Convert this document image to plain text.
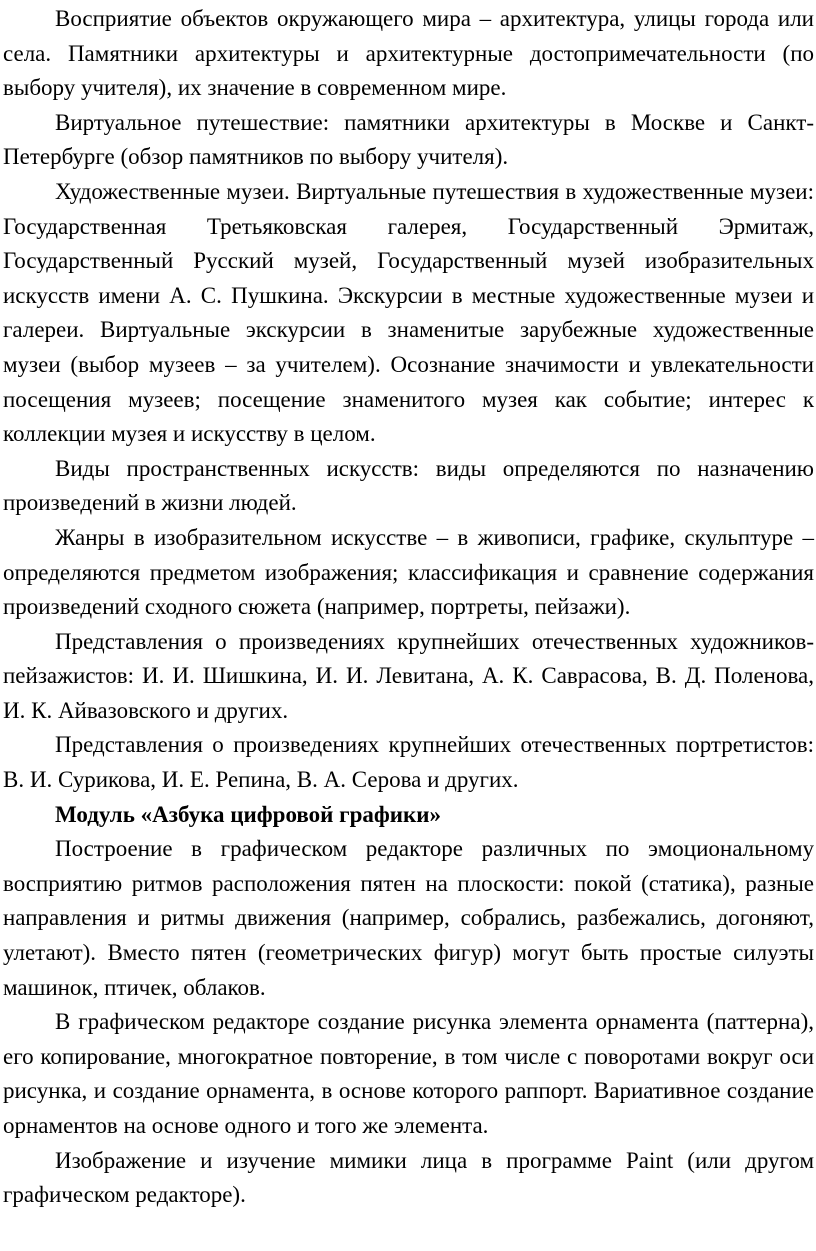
Восприятие объектов окружающего мира – архитектура, улицы города или села. Памятники архитектуры и архитектурные достопримечательности (по выбору учителя), их значение в современном мире.

Виртуальное путешествие: памятники архитектуры в Москве и Санкт-Петербурге (обзор памятников по выбору учителя).

Художественные музеи. Виртуальные путешествия в художественные музеи: Государственная Третьяковская галерея, Государственный Эрмитаж, Государственный Русский музей, Государственный музей изобразительных искусств имени А. С. Пушкина. Экскурсии в местные художественные музеи и галереи. Виртуальные экскурсии в знаменитые зарубежные художественные музеи (выбор музеев – за учителем). Осознание значимости и увлекательности посещения музеев; посещение знаменитого музея как событие; интерес к коллекции музея и искусству в целом.

Виды пространственных искусств: виды определяются по назначению произведений в жизни людей.

Жанры в изобразительном искусстве – в живописи, графике, скульптуре – определяются предметом изображения; классификация и сравнение содержания произведений сходного сюжета (например, портреты, пейзажи).

Представления о произведениях крупнейших отечественных художников-пейзажистов: И. И. Шишкина, И. И. Левитана, А. К. Саврасова, В. Д. Поленова, И. К. Айвазовского и других.

Представления о произведениях крупнейших отечественных портретистов: В. И. Сурикова, И. Е. Репина, В. А. Серова и других.

Модуль «Азбука цифровой графики»

Построение в графическом редакторе различных по эмоциональному восприятию ритмов расположения пятен на плоскости: покой (статика), разные направления и ритмы движения (например, собрались, разбежались, догоняют, улетают). Вместо пятен (геометрических фигур) могут быть простые силуэты машинок, птичек, облаков.

В графическом редакторе создание рисунка элемента орнамента (паттерна), его копирование, многократное повторение, в том числе с поворотами вокруг оси рисунка, и создание орнамента, в основе которого раппорт. Вариативное создание орнаментов на основе одного и того же элемента.

Изображение и изучение мимики лица в программе Paint (или другом графическом редакторе).
